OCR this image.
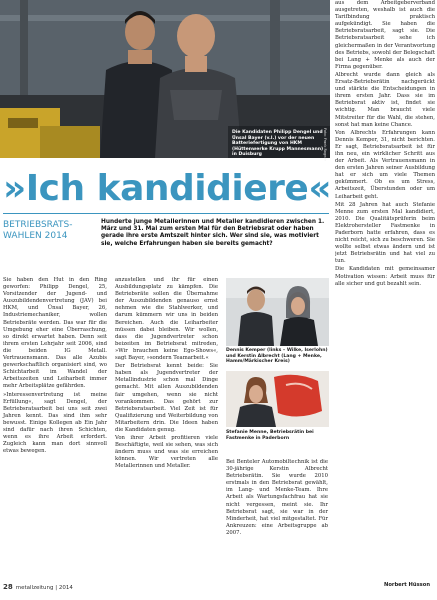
Die Kandidaten Philipp Dengel und Ünsal Bayer (v.l.) vor der neuen Batteriefertigung von HKM (Hüttenwerke Krupp Mannesmann) in Duisburg	Foto: Frank Rogner
»Ich kandidiere«
BETRIEBSRATS-WAHLEN 2014
Hunderte junge Metallerinnen und Metaller kandidieren zwischen 1. März und 31. Mai zum ersten Mal für den Betriebsrat oder haben gerade ihre erste Amtszeit hinter sich. Wer sind sie, was motiviert sie, welche Erfahrungen haben sie bereits gemacht?

Sie haben den Hut in den Ring geworfen: Philipp Dengel, 25, Vorsitzender der Jugend- und Auszubildendenvertretung (JAV) bei HKM, und Ünsal Bayer, 26, Industriemechaniker, wollen Betriebsräte werden. Das war für die Umgebung eher eine Überraschung, so direkt erwartet haben. Denn seit ihrem ersten Lehrjahr seit 2006, sind die beiden IG Metall. Vertrauensmann. Das alle Azubis gewerkschaftlich organisiert sind, wo Schichtarbeit im Wandel der Arbeitszeiten und Leiharbeit immer mehr Arbeitsplätze gefährden.

»Interessenvertretung ist meine Erfüllung«, sagt Dengel, der Betriebsratsarbeit bei uns seit zwei Jahren kennt. Das sind ihm sehr bewusst. Einige Kollegen ab Ein Jahr sind dafür nach ihren Schichten, wenn es ihre Arbeit erfordert. Zugleich kann man dort sinnvoll etwas bewegen.

anzustellen und ihr für einen Ausbildungsplatz zu kämpfen. Die Betriebsräte sollen die Übernahme der Auszubildenden genauso ernst nehmen wie die Stahlwerker, und darum kümmern wir uns in beiden Bereichen. Auch die Leiharbeiter müssen dabei bleiben. Wir wollen, dass die Jugendvertreter schon beizeiten im Betriebsrat mitreden, »Wir brauchen keine Ego-Shows«, sagt Bayer, »sondern Teamarbeit.«

Der Betriebsrat kennt beide: Sie haben als Jugendvertreter der Metallindustrie schon mal Dinge gemacht. Mit allen Auszubildenden fair umgehen, wenn sie nicht vorankommen. Das gehört zur Betriebsratsarbeit. Viel Zeit ist für Qualifizierung und Weiterbildung von Mitarbeitern drin. Die Ideen haben die Kandidaten genug.

Von ihrer Arbeit profitieren viele Beschäftigte, weil sie sehen, was sich ändern muss und was sie erreichen können. Wir vertreten alle Metallerinnen und Metaller.

Dennis Kemper (links – Wilke, Iserlohn) und Kerstin Albrecht (Lang + Menke, Hamm/Märkischer Kreis)
Stefanie Menne, Betriebsrätin bei Fastmenke in Paderborn

Bei Benteler Automobiltechnik ist die 30-jährige Kerstin Albrecht Betriebsrätin. Sie wurde 2010 erstmals in den Betriebsrat gewählt, im Lang- und Menke-Team. Ihre Arbeit als Wartungsfachfrau hat sie nicht vergessen, meint sie. Ihr Betriebsrat sagt, sie war in der Minderheit, hat viel mitgestaltet. Für Ankreuzen: eine Arbeitsgruppe ab 2007.

aus dem Arbeitgeberverband ausgetreten, weshalb ist auch die Tarifbindung praktisch aufgekündigt. Sie haben die Betriebsratsarbeit, sagt sie. Die Betriebsratsarbeit sehe ich gleichermaßen in der Verantwortung des Betriebs, sowohl der Belegschaft bei Lang + Menke als auch der Firma gegenüber.

Albrecht wurde dann gleich als Ersatz-Betriebsrätin nachgerückt und stärkte die Entscheidungen in ihrem ersten Jahr. Dass sie im Betriebsrat aktiv ist, findet sie wichtig. Man braucht viele Mitstreiter für die Wahl, die stehen, sonst hat man keine Chance.

Von Albrechts Erfahrungen kann Dennis Kemper, 31, nicht berichten. Er sagt, Betriebsratsarbeit ist für ihn neu, ein wirklicher Schritt aus der Arbeit. Als Vertrauensmann in den ersten Jahren seiner Ausbildung hat er sich um viele Themen gekümmert. Ob es um Stress, Arbeitszeit, Überstunden oder um Leiharbeit geht.

Mit 28 Jahren hat auch Stefanie Menne zum ersten Mal kandidiert, 2010. Die Qualitätsprüferin beim Elektrohersteller Fastmenke in Paderborn hatte erfahren, dass es nicht reicht, sich zu beschweren. Sie wollte selbst etwas ändern und ist jetzt Betriebsrätin und hat viel zu tun.

Die Kandidaten mit gemeinsamer Motivation wissen: Arbeit muss für alle sicher und gut bezahlt sein.

28 metallzeitung | 2014	Norbert Hüsson
